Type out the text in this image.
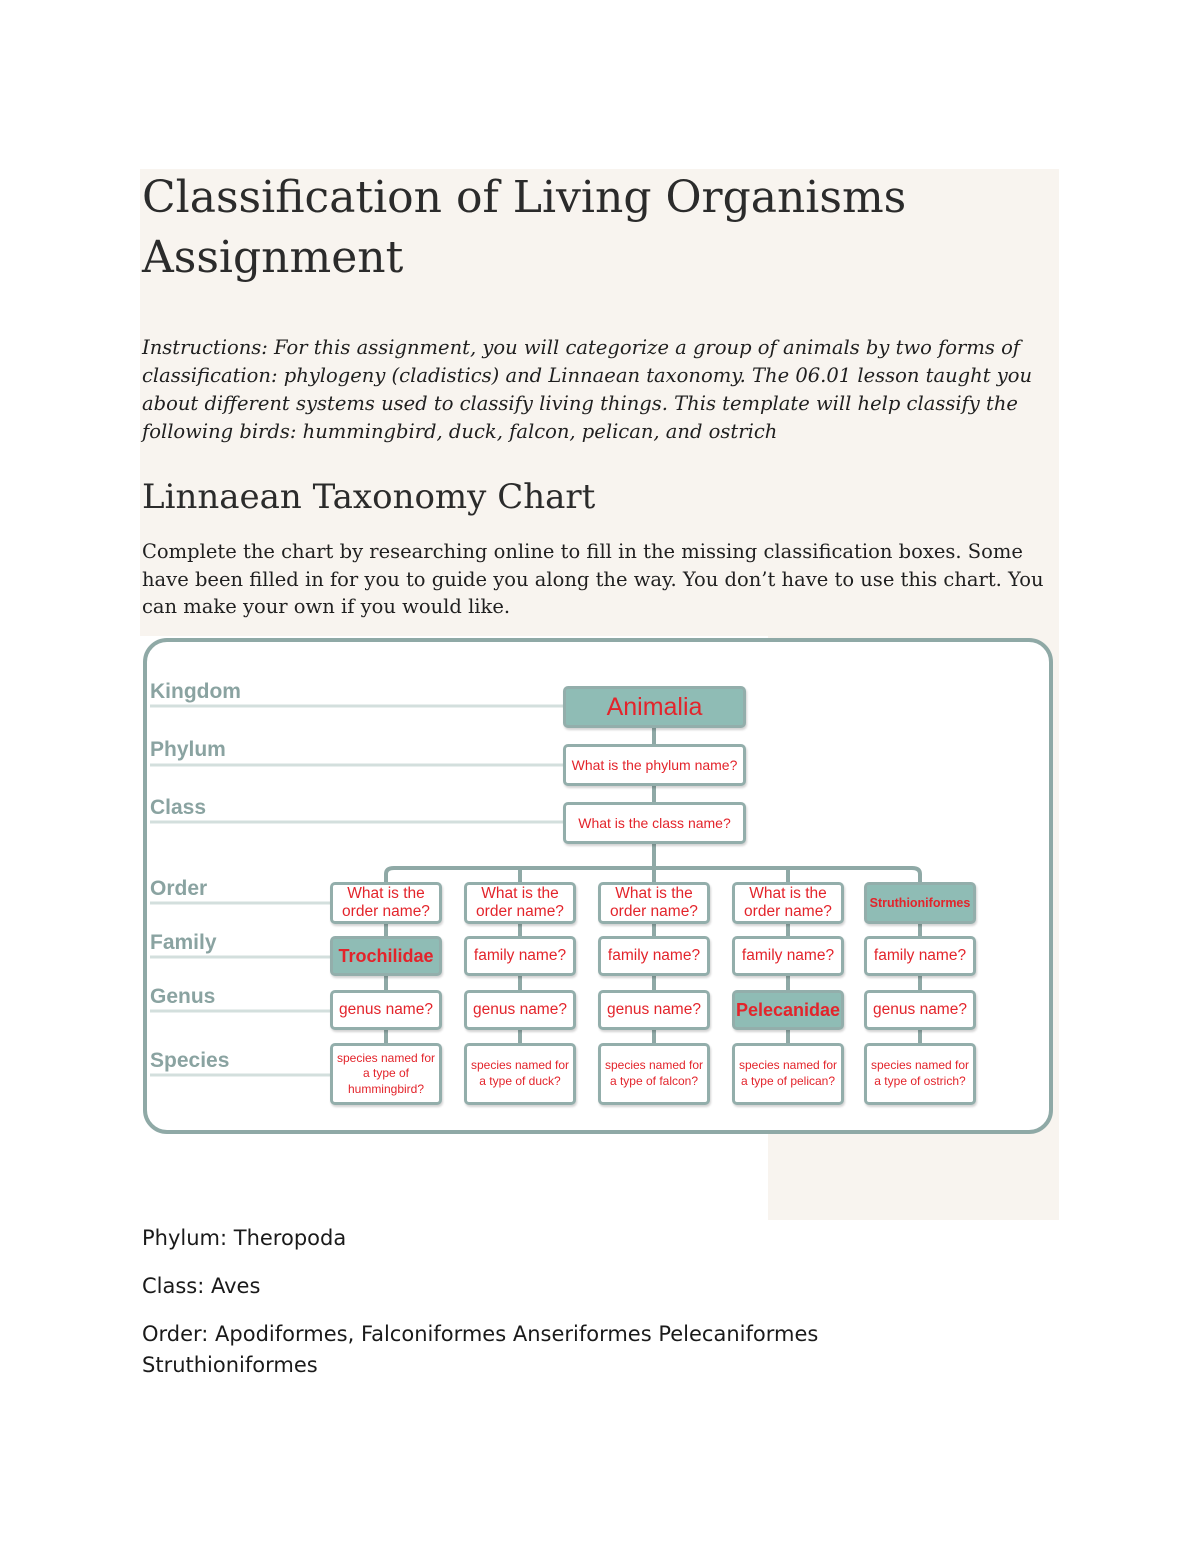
Classification of Living Organisms Assignment

Instructions: For this assignment, you will categorize a group of animals by two forms of classification: phylogeny (cladistics) and Linnaean taxonomy. The 06.01 lesson taught you about different systems used to classify living things. This template will help classify the following birds: hummingbird, duck, falcon, pelican, and ostrich

Linnaean Taxonomy Chart

Complete the chart by researching online to fill in the missing classification boxes. Some have been filled in for you to guide you along the way. You don’t have to use this chart. You can make your own if you would like.

Kingdom
Phylum
Class
Order
Family
Genus
Species
Animalia
What is the phylum name?
What is the class name?
What is the order name?
Trochilidae
genus name?
species named for a type of hummingbird?
What is the order name?
family name?
genus name?
species named for a type of duck?
What is the order name?
family name?
genus name?
species named for a type of falcon?
What is the order name?
family name?
Pelecanidae
species named for a type of pelican?
Struthioniformes
family name?
genus name?
species named for a type of ostrich?

Phylum: Theropoda

Class: Aves

Order: Apodiformes, Falconiformes Anseriformes Pelecaniformes Struthioniformes
